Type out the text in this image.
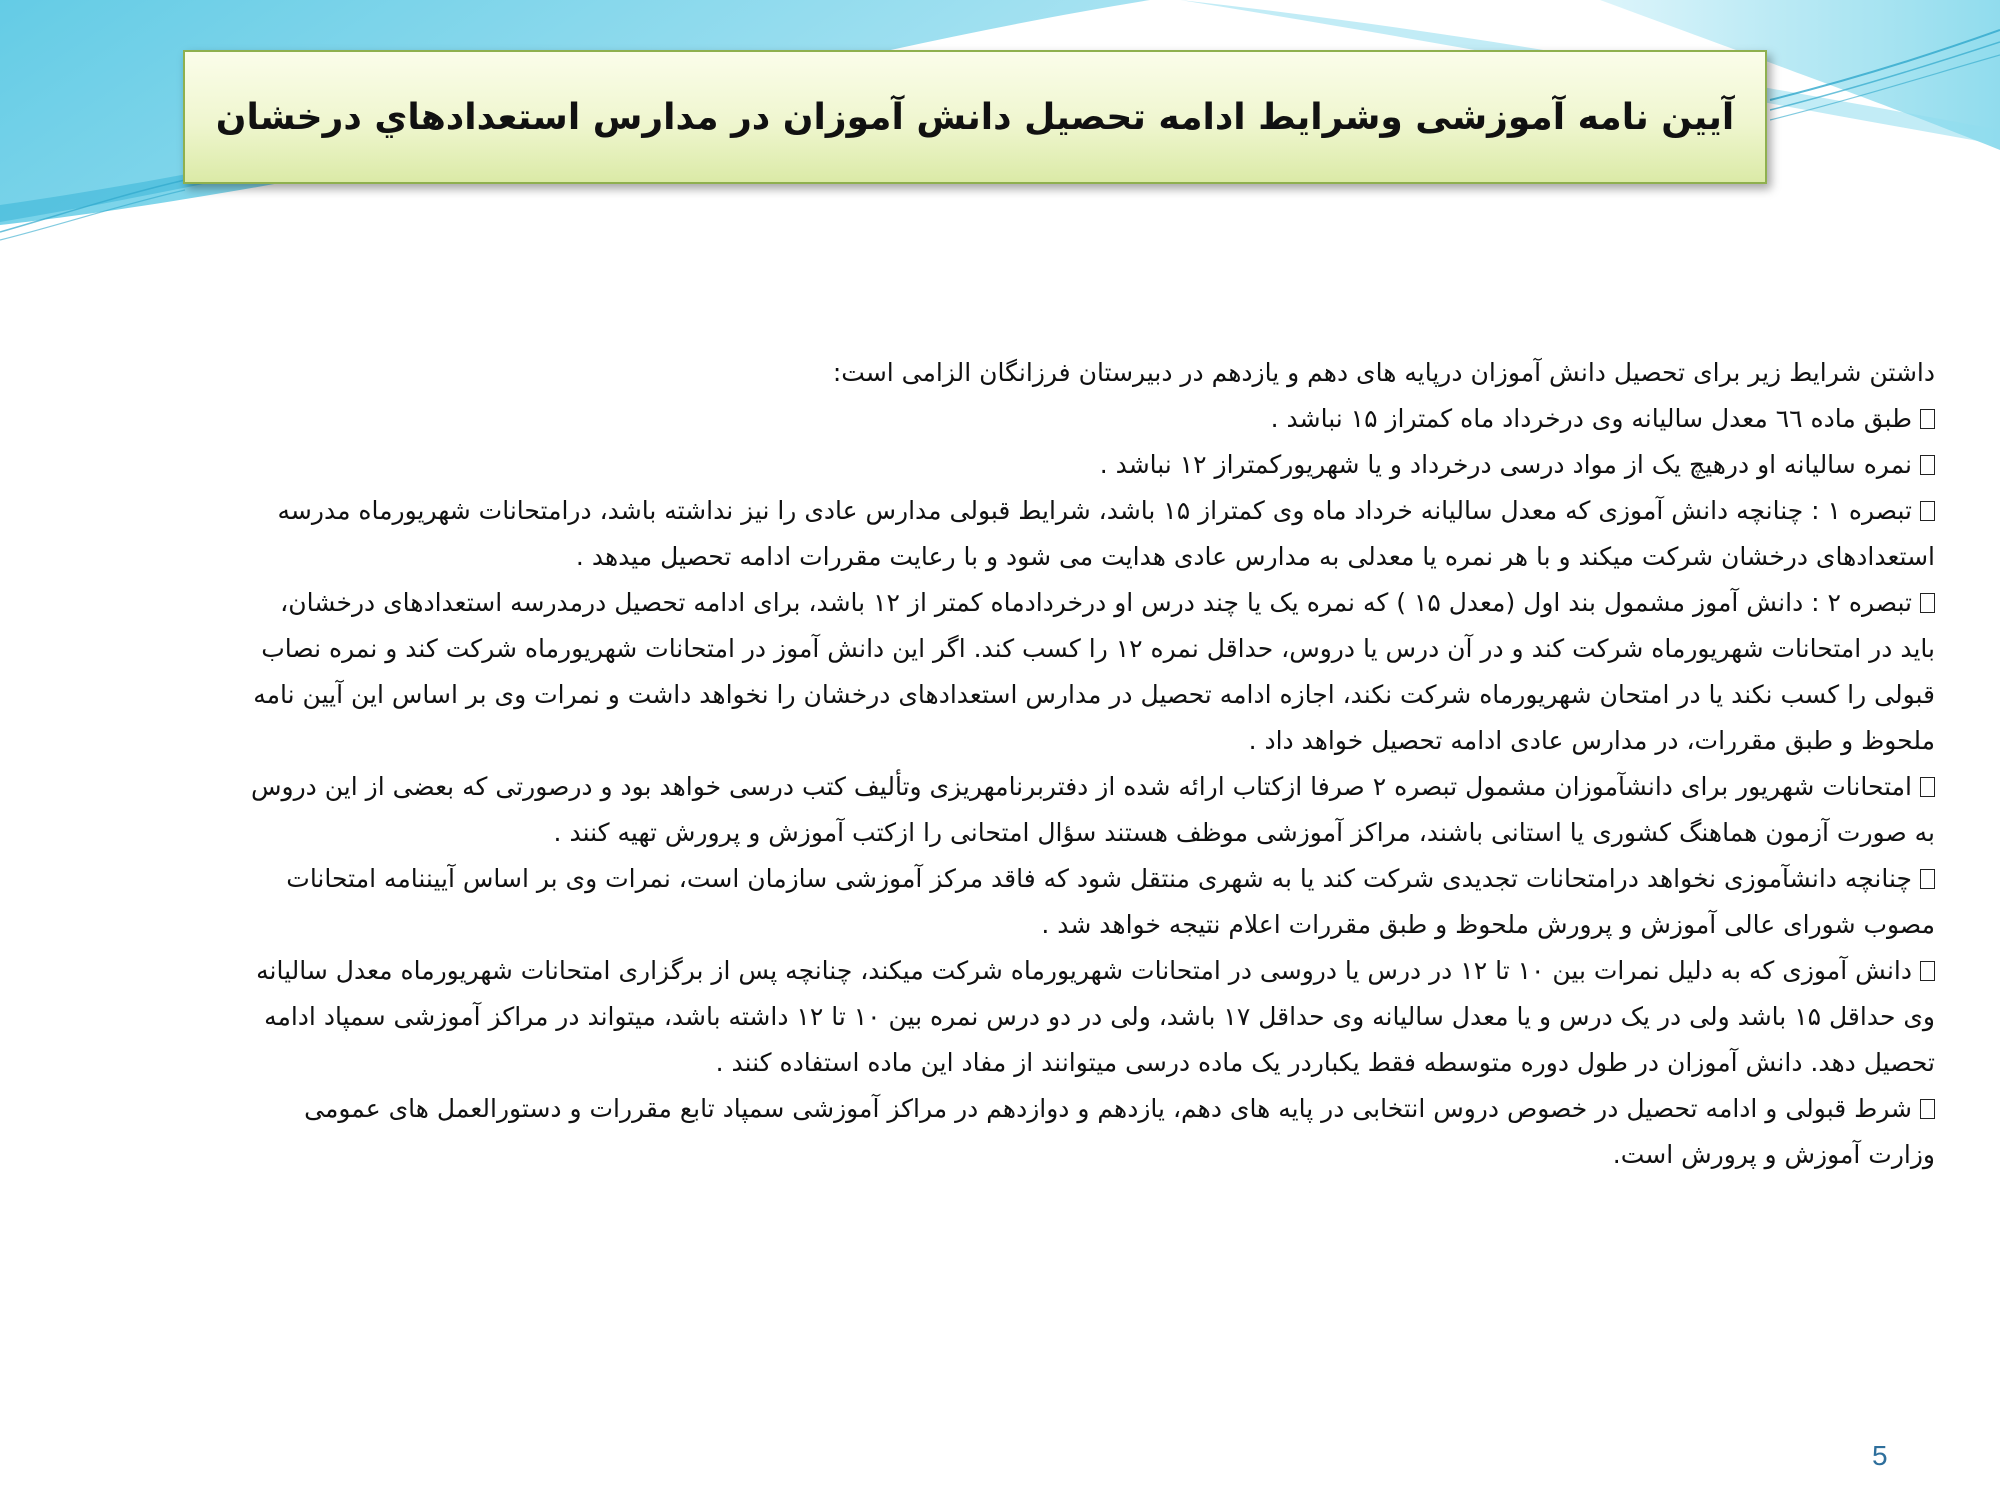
آیین نامه آموزشی وشرایط ادامه تحصیل دانش آموزان در مدارس استعدادهاي درخشان

داشتن شرایط زیر برای تحصیل دانش آموزان درپایه های دهم و یازدهم در دبیرستان فرزانگان الزامی است:

طبق ماده ٦٦ معدل سالیانه وی درخرداد ماه کمتراز ۱۵ نباشد .

نمره سالیانه او درهیچ یک از مواد درسی درخرداد و یا شهریورکمتراز ۱۲ نباشد .

تبصره ۱ : چنانچه دانش آموزی که معدل سالیانه خرداد ماه وی کمتراز ۱۵ باشد، شرایط قبولی مدارس عادی را نیز نداشته باشد، درامتحانات شهریورماه مدرسه استعدادهای درخشان شرکت میکند و با هر نمره یا معدلی به مدارس عادی هدایت می شود و با رعایت مقررات ادامه تحصیل میدهد .

تبصره ۲ : دانش آموز مشمول بند اول (معدل ۱۵ ) که نمره یک یا چند درس او درخردادماه کمتر از ۱۲ باشد، برای ادامه تحصیل درمدرسه استعدادهای درخشان، باید در امتحانات شهریورماه شرکت کند و در آن درس یا دروس، حداقل نمره ۱۲ را کسب کند. اگر این دانش آموز در امتحانات شهریورماه شرکت کند و نمره نصاب قبولی را کسب نکند یا در امتحان شهریورماه شرکت نکند، اجازه ادامه تحصیل در مدارس استعدادهای درخشان را نخواهد داشت و نمرات وی بر اساس این آیین نامه ملحوظ و طبق مقررات، در مدارس عادی ادامه تحصیل خواهد داد .

امتحانات شهریور برای دانشآموزان مشمول تبصره ۲ صرفا ازکتاب ارائه شده از دفتربرنامهریزی وتألیف کتب درسی خواهد بود و درصورتی که بعضی از این دروس به صورت آزمون هماهنگ کشوری یا استانی باشند، مراکز آموزشی موظف هستند سؤال امتحانی را ازکتب آموزش و پرورش تهیه کنند .

چنانچه دانشآموزی نخواهد درامتحانات تجدیدی شرکت کند یا به شهری منتقل شود که فاقد مرکز آموزشی سازمان است، نمرات وی بر اساس آییننامه امتحانات مصوب شورای عالی آموزش و پرورش ملحوظ و طبق مقررات اعلام نتیجه خواهد شد .

دانش آموزی که به دلیل نمرات بین ۱۰ تا ۱۲ در درس یا دروسی در امتحانات شهریورماه شرکت میکند، چنانچه پس از برگزاری امتحانات شهریورماه معدل سالیانه وی حداقل ۱۵ باشد ولی در یک درس و یا معدل سالیانه وی حداقل ۱۷ باشد، ولی در دو درس نمره بین ۱۰ تا ۱۲ داشته باشد، میتواند در مراکز آموزشی سمپاد ادامه تحصیل دهد. دانش آموزان در طول دوره متوسطه فقط یکباردر یک ماده درسی میتوانند از مفاد این ماده استفاده کنند .

شرط قبولی و ادامه تحصیل در خصوص دروس انتخابی در پایه های دهم، یازدهم و دوازدهم در مراکز آموزشی سمپاد تابع مقررات و دستورالعمل های عمومی وزارت آموزش و پرورش است.

5
